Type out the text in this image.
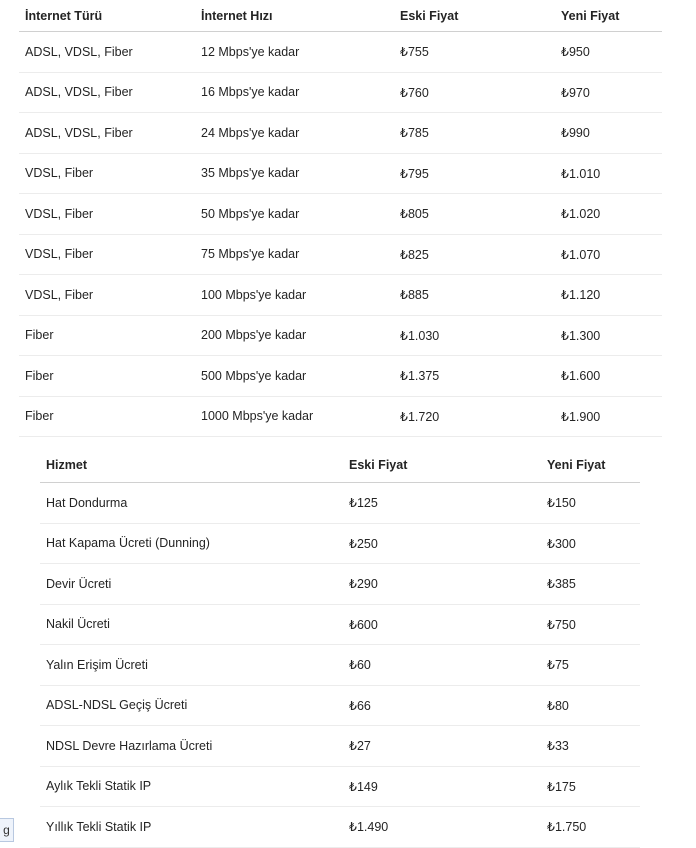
İnternet Türü	İnternet Hızı	Eski Fiyat	Yeni Fiyat
ADSL, VDSL, Fiber	12 Mbps'ye kadar	₺755	₺950
ADSL, VDSL, Fiber	16 Mbps'ye kadar	₺760	₺970
ADSL, VDSL, Fiber	24 Mbps'ye kadar	₺785	₺990
VDSL, Fiber	35 Mbps'ye kadar	₺795	₺1.010
VDSL, Fiber	50 Mbps'ye kadar	₺805	₺1.020
VDSL, Fiber	75 Mbps'ye kadar	₺825	₺1.070
VDSL, Fiber	100 Mbps'ye kadar	₺885	₺1.120
Fiber	200 Mbps'ye kadar	₺1.030	₺1.300
Fiber	500 Mbps'ye kadar	₺1.375	₺1.600
Fiber	1000 Mbps'ye kadar	₺1.720	₺1.900
Hizmet	Eski Fiyat	Yeni Fiyat
Hat Dondurma	₺125	₺150
Hat Kapama Ücreti (Dunning)	₺250	₺300
Devir Ücreti	₺290	₺385
Nakil Ücreti	₺600	₺750
Yalın Erişim Ücreti	₺60	₺75
ADSL-NDSL Geçiş Ücreti	₺66	₺80
NDSL Devre Hazırlama Ücreti	₺27	₺33
Aylık Tekli Statik IP	₺149	₺175
Yıllık Tekli Statik IP	₺1.490	₺1.750
g
